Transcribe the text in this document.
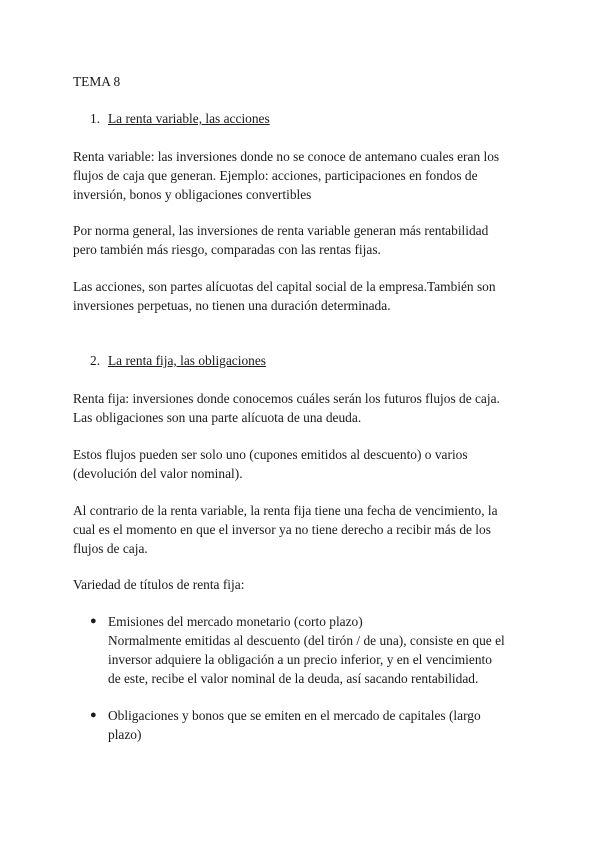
TEMA 8
1. La renta variable, las acciones
Renta variable: las inversiones donde no se conoce de antemano cuales eran los
flujos de caja que generan. Ejemplo: acciones, participaciones en fondos de
inversión, bonos y obligaciones convertibles
Por norma general, las inversiones de renta variable generan más rentabilidad
pero también más riesgo, comparadas con las rentas fijas.
Las acciones, son partes alícuotas del capital social de la empresa.También son
inversiones perpetuas, no tienen una duración determinada.
2. La renta fija, las obligaciones
Renta fija: inversiones donde conocemos cuáles serán los futuros flujos de caja.
Las obligaciones son una parte alícuota de una deuda.
Estos flujos pueden ser solo uno (cupones emitidos al descuento) o varios
(devolución del valor nominal).
Al contrario de la renta variable, la renta fija tiene una fecha de vencimiento, la
cual es el momento en que el inversor ya no tiene derecho a recibir más de los
flujos de caja.
Variedad de títulos de renta fija:
● Emisiones del mercado monetario (corto plazo)
Normalmente emitidas al descuento (del tirón / de una), consiste en que el
inversor adquiere la obligación a un precio inferior, y en el vencimiento
de este, recibe el valor nominal de la deuda, así sacando rentabilidad.
● Obligaciones y bonos que se emiten en el mercado de capitales (largo
plazo)
